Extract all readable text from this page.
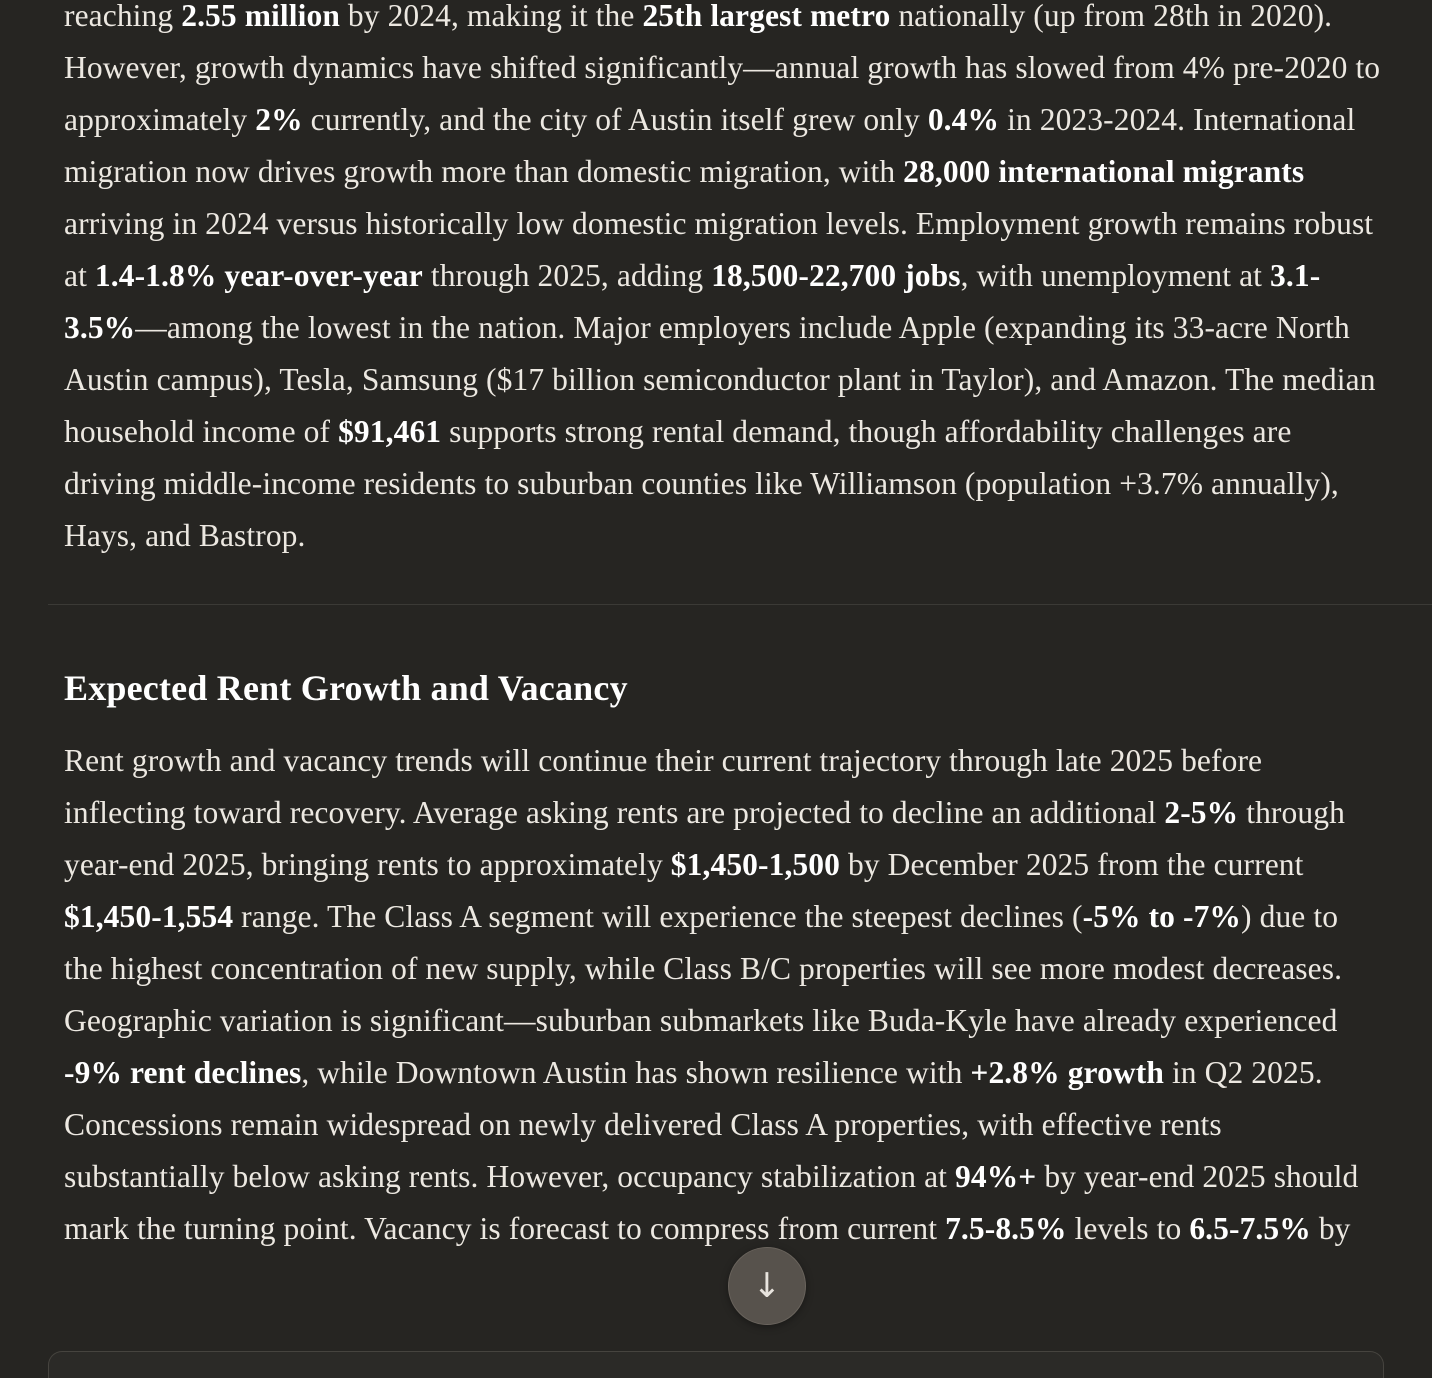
reaching 2.55 million by 2024, making it the 25th largest metro nationally (up from 28th in 2020). However, growth dynamics have shifted significantly—annual growth has slowed from 4% pre-2020 to approximately 2% currently, and the city of Austin itself grew only 0.4% in 2023-2024. International migration now drives growth more than domestic migration, with 28,000 international migrants arriving in 2024 versus historically low domestic migration levels. Employment growth remains robust at 1.4-1.8% year-over-year through 2025, adding 18,500-22,700 jobs, with unemployment at 3.1-3.5%—among the lowest in the nation. Major employers include Apple (expanding its 33-acre North Austin campus), Tesla, Samsung ($17 billion semiconductor plant in Taylor), and Amazon. The median household income of $91,461 supports strong rental demand, though affordability challenges are driving middle-income residents to suburban counties like Williamson (population +3.7% annually), Hays, and Bastrop.

Expected Rent Growth and Vacancy

Rent growth and vacancy trends will continue their current trajectory through late 2025 before inflecting toward recovery. Average asking rents are projected to decline an additional 2-5% through year-end 2025, bringing rents to approximately $1,450-1,500 by December 2025 from the current $1,450-1,554 range. The Class A segment will experience the steepest declines (-5% to -7%) due to the highest concentration of new supply, while Class B/C properties will see more modest decreases. Geographic variation is significant—suburban submarkets like Buda-Kyle have already experienced -9% rent declines, while Downtown Austin has shown resilience with +2.8% growth in Q2 2025. Concessions remain widespread on newly delivered Class A properties, with effective rents substantially below asking rents. However, occupancy stabilization at 94%+ by year-end 2025 should mark the turning point. Vacancy is forecast to compress from current 7.5-8.5% levels to 6.5-7.5% by

↓
